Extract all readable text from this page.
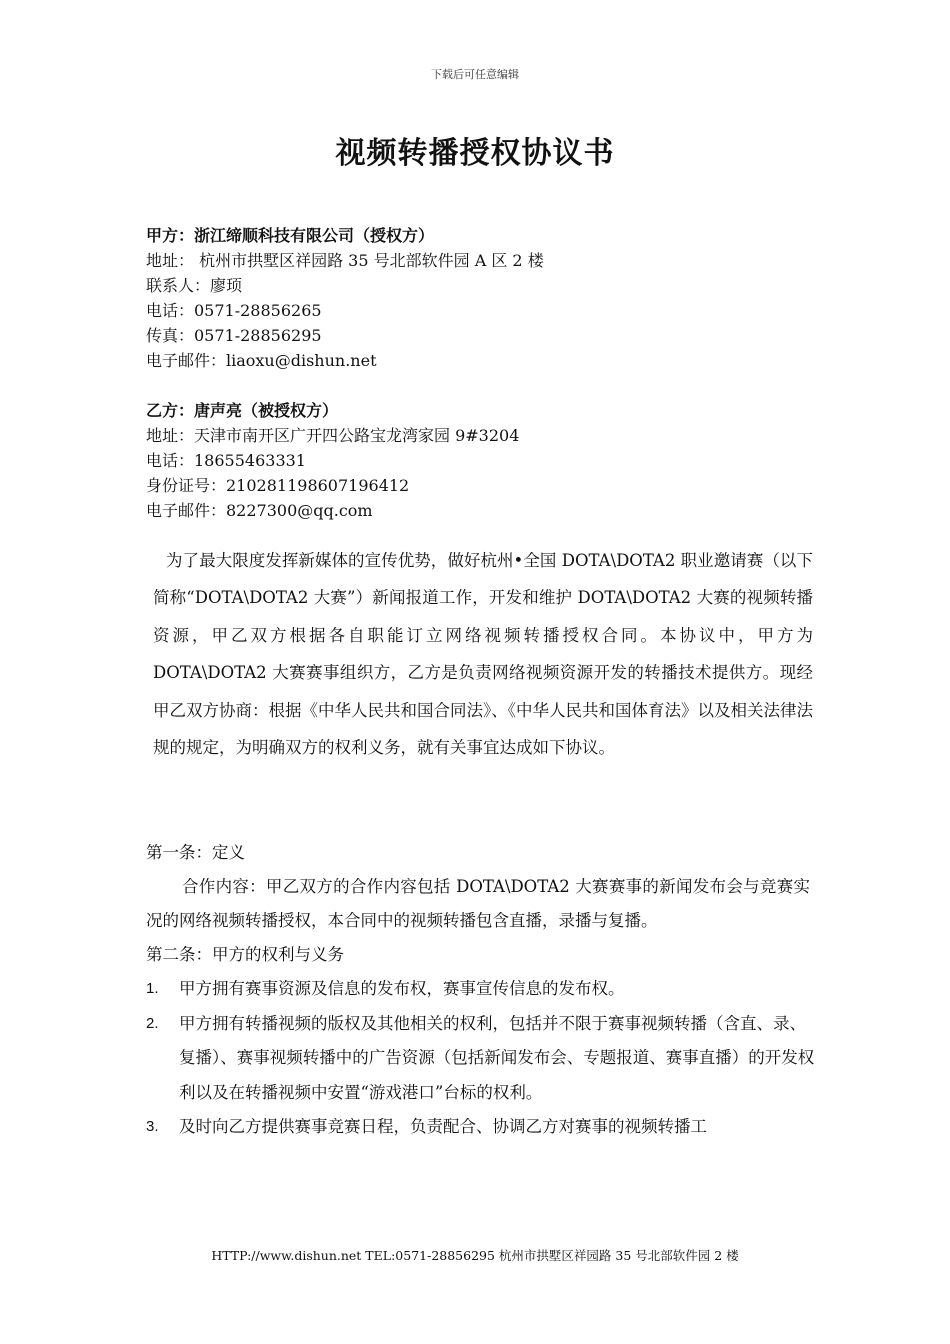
下载后可任意编辑
视频转播授权协议书
甲方：浙江缔顺科技有限公司（授权方）
地址： 杭州市拱墅区祥园路 35 号北部软件园 A 区 2 楼
联系人：廖顼
电话：0571-28856265
传真：0571-28856295
电子邮件：liaoxu@dishun.net
乙方：唐声亮（被授权方）
地址：天津市南开区广开四公路宝龙湾家园 9#3204
电话：18655463331
身份证号：210281198607196412
电子邮件：8227300@qq.com
为了最大限度发挥新媒体的宣传优势，做好杭州•全国 DOTA\DOTA2 职业邀请赛（以下简称“DOTA\DOTA2 大赛”）新闻报道工作，开发和维护 DOTA\DOTA2 大赛的视频转播资源，甲乙双方根据各自职能订立网络视频转播授权合同。本协议中，甲方为 DOTA\DOTA2 大赛赛事组织方，乙方是负责网络视频资源开发的转播技术提供方。现经甲乙双方协商：根据《中华人民共和国合同法》、《中华人民共和国体育法》以及相关法律法规的规定，为明确双方的权利义务，就有关事宜达成如下协议。
第一条：定义
合作内容：甲乙双方的合作内容包括 DOTA\DOTA2 大赛赛事的新闻发布会与竞赛实况的网络视频转播授权，本合同中的视频转播包含直播，录播与复播。
第二条：甲方的权利与义务
1. 甲方拥有赛事资源及信息的发布权，赛事宣传信息的发布权。
2. 甲方拥有转播视频的版权及其他相关的权利，包括并不限于赛事视频转播（含直、录、复播）、赛事视频转播中的广告资源（包括新闻发布会、专题报道、赛事直播）的开发权利以及在转播视频中安置“游戏港口”台标的权利。
3. 及时向乙方提供赛事竞赛日程，负责配合、协调乙方对赛事的视频转播工
HTTP://www.dishun.net TEL:0571-28856295 杭州市拱墅区祥园路 35 号北部软件园 2 楼
